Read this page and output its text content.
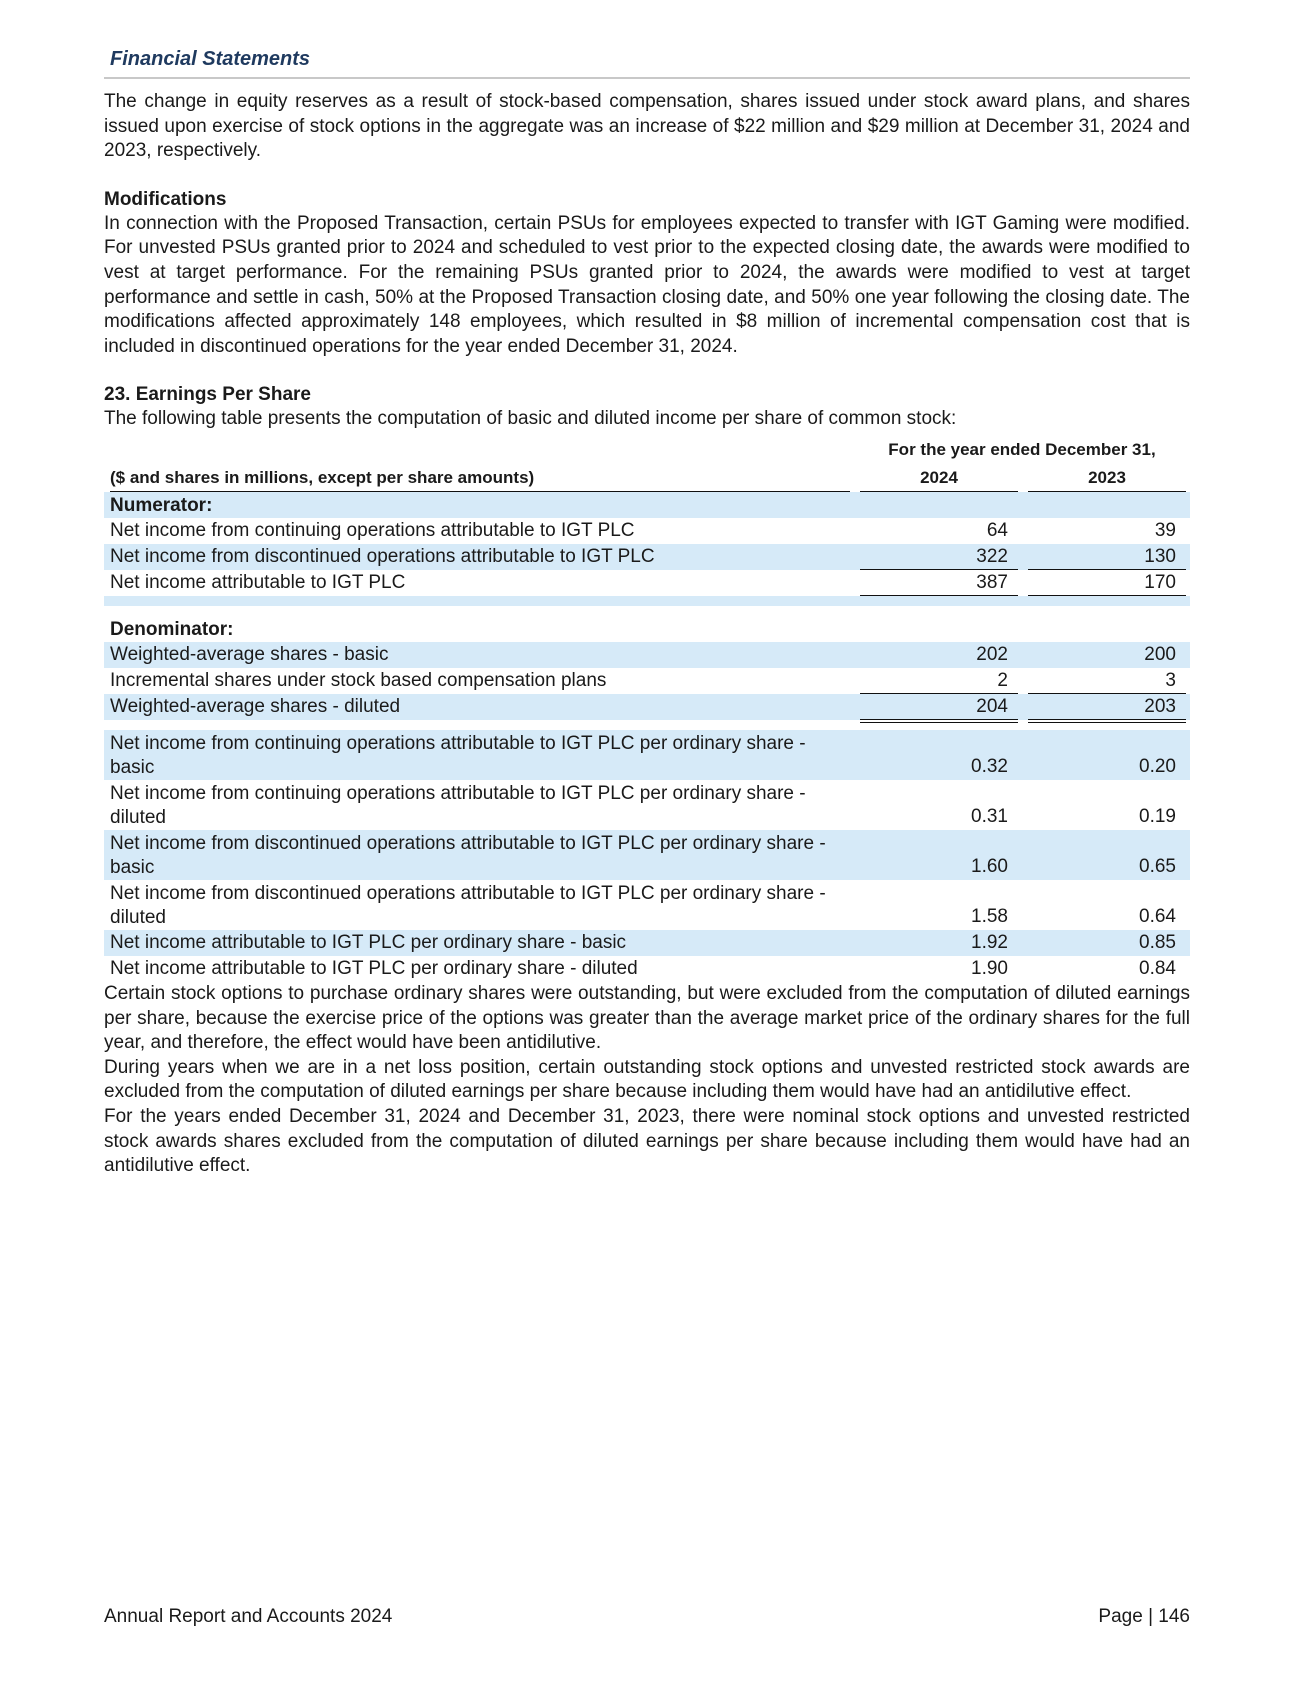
Financial Statements

The change in equity reserves as a result of stock-based compensation, shares issued under stock award plans, and shares issued upon exercise of stock options in the aggregate was an increase of $22 million and $29 million at December 31, 2024 and 2023, respectively.

Modifications

In connection with the Proposed Transaction, certain PSUs for employees expected to transfer with IGT Gaming were modified. For unvested PSUs granted prior to 2024 and scheduled to vest prior to the expected closing date, the awards were modified to vest at target performance. For the remaining PSUs granted prior to 2024, the awards were modified to vest at target performance and settle in cash, 50% at the Proposed Transaction closing date, and 50% one year following the closing date. The modifications affected approximately 148 employees, which resulted in $8 million of incremental compensation cost that is included in discontinued operations for the year ended December 31, 2024.

23. Earnings Per Share

The following table presents the computation of basic and diluted income per share of common stock:

For the year ended December 31,
($ and shares in millions, except per share amounts)	2024	2023
Numerator:
Net income from continuing operations attributable to IGT PLC	64	39
Net income from discontinued operations attributable to IGT PLC	322	130
Net income attributable to IGT PLC	387	170
Denominator:
Weighted-average shares - basic	202	200
Incremental shares under stock based compensation plans	2	3
Weighted-average shares - diluted	204	203
Net income from continuing operations attributable to IGT PLC per ordinary share - basic	0.32	0.20
Net income from continuing operations attributable to IGT PLC per ordinary share - diluted	0.31	0.19
Net income from discontinued operations attributable to IGT PLC per ordinary share - basic	1.60	0.65
Net income from discontinued operations attributable to IGT PLC per ordinary share - diluted	1.58	0.64
Net income attributable to IGT PLC per ordinary share - basic	1.92	0.85
Net income attributable to IGT PLC per ordinary share - diluted	1.90	0.84

Certain stock options to purchase ordinary shares were outstanding, but were excluded from the computation of diluted earnings per share, because the exercise price of the options was greater than the average market price of the ordinary shares for the full year, and therefore, the effect would have been antidilutive.

During years when we are in a net loss position, certain outstanding stock options and unvested restricted stock awards are excluded from the computation of diluted earnings per share because including them would have had an antidilutive effect.

For the years ended December 31, 2024 and December 31, 2023, there were nominal stock options and unvested restricted stock awards shares excluded from the computation of diluted earnings per share because including them would have had an antidilutive effect.

Annual Report and Accounts 2024	Page | 146
